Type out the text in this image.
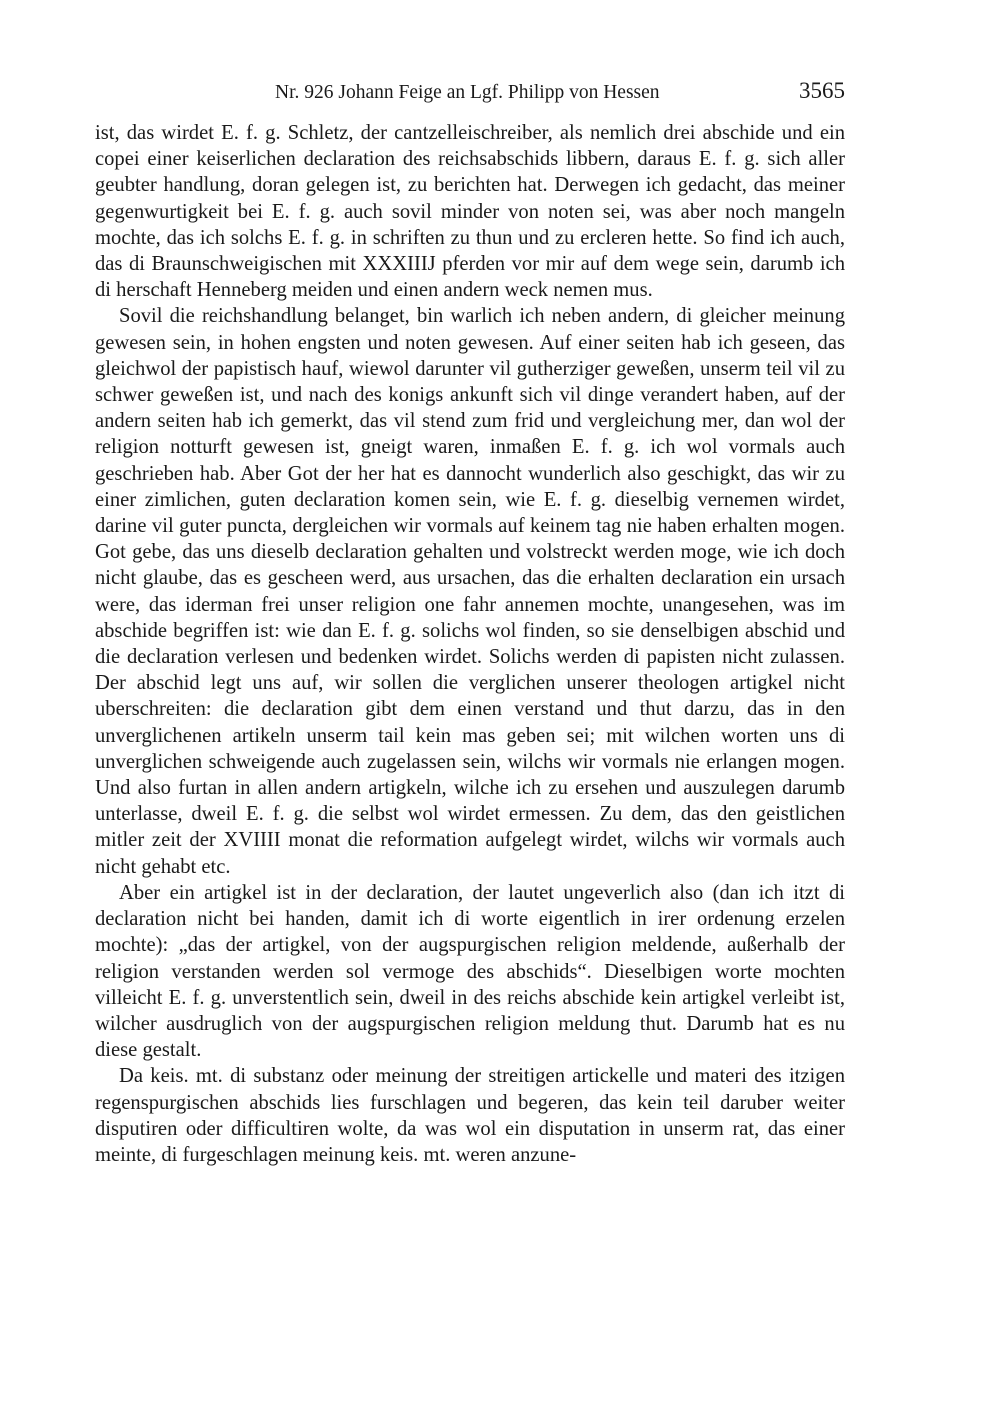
Nr. 926 Johann Feige an Lgf. Philipp von Hessen	3565

ist, das wirdet E. f. g. Schletz, der cantzelleischreiber, als nemlich drei abschide und ein copei einer keiserlichen declaration des reichsabschids libbern, daraus E. f. g. sich aller geubter handlung, doran gelegen ist, zu berichten hat. Derwegen ich gedacht, das meiner gegenwurtigkeit bei E. f. g. auch sovil minder von noten sei, was aber noch mangeln mochte, das ich solchs E. f. g. in schriften zu thun und zu ercleren hette. So find ich auch, das di Braunschweigischen mit XXXIIIJ pferden vor mir auf dem wege sein, darumb ich di herschaft Henneberg meiden und einen andern weck nemen mus.

Sovil die reichshandlung belanget, bin warlich ich neben andern, di gleicher meinung gewesen sein, in hohen engsten und noten gewesen. Auf einer seiten hab ich geseen, das gleichwol der papistisch hauf, wiewol darunter vil gutherziger geweßen, unserm teil vil zu schwer geweßen ist, und nach des konigs ankunft sich vil dinge verandert haben, auf der andern seiten hab ich gemerkt, das vil stend zum frid und vergleichung mer, dan wol der religion notturft gewesen ist, gneigt waren, inmaßen E. f. g. ich wol vormals auch geschrieben hab. Aber Got der her hat es dannocht wunderlich also geschigkt, das wir zu einer zimlichen, guten declaration komen sein, wie E. f. g. dieselbig vernemen wirdet, darine vil guter puncta, dergleichen wir vormals auf keinem tag nie haben erhalten mogen. Got gebe, das uns dieselb declaration gehalten und volstreckt werden moge, wie ich doch nicht glaube, das es gescheen werd, aus ursachen, das die erhalten declaration ein ursach were, das iderman frei unser religion one fahr annemen mochte, unangesehen, was im abschide begriffen ist: wie dan E. f. g. solichs wol finden, so sie denselbigen abschid und die declaration verlesen und bedenken wirdet. Solichs werden di papisten nicht zulassen. Der abschid legt uns auf, wir sollen die verglichen unserer theologen artigkel nicht uberschreiten: die declaration gibt dem einen verstand und thut darzu, das in den unverglichenen artikeln unserm tail kein mas geben sei; mit wilchen worten uns di unverglichen schweigende auch zugelassen sein, wilchs wir vormals nie erlangen mogen. Und also furtan in allen andern artigkeln, wilche ich zu ersehen und auszulegen darumb unterlasse, dweil E. f. g. die selbst wol wirdet ermessen. Zu dem, das den geistlichen mitler zeit der XVIIII monat die reformation aufgelegt wirdet, wilchs wir vormals auch nicht gehabt etc.

Aber ein artigkel ist in der declaration, der lautet ungeverlich also (dan ich itzt di declaration nicht bei handen, damit ich di worte eigentlich in irer ordenung erzelen mochte): „das der artigkel, von der augspurgischen religion meldende, außerhalb der religion verstanden werden sol vermoge des abschids“. Dieselbigen worte mochten villeicht E. f. g. unverstentlich sein, dweil in des reichs abschide kein artigkel verleibt ist, wilcher ausdruglich von der augspurgischen religion meldung thut. Darumb hat es nu diese gestalt.

Da keis. mt. di substanz oder meinung der streitigen artickelle und materi des itzigen regenspurgischen abschids lies furschlagen und begeren, das kein teil daruber weiter disputiren oder difficultiren wolte, da was wol ein disputation in unserm rat, das einer meinte, di furgeschlagen meinung keis. mt. weren anzune-
